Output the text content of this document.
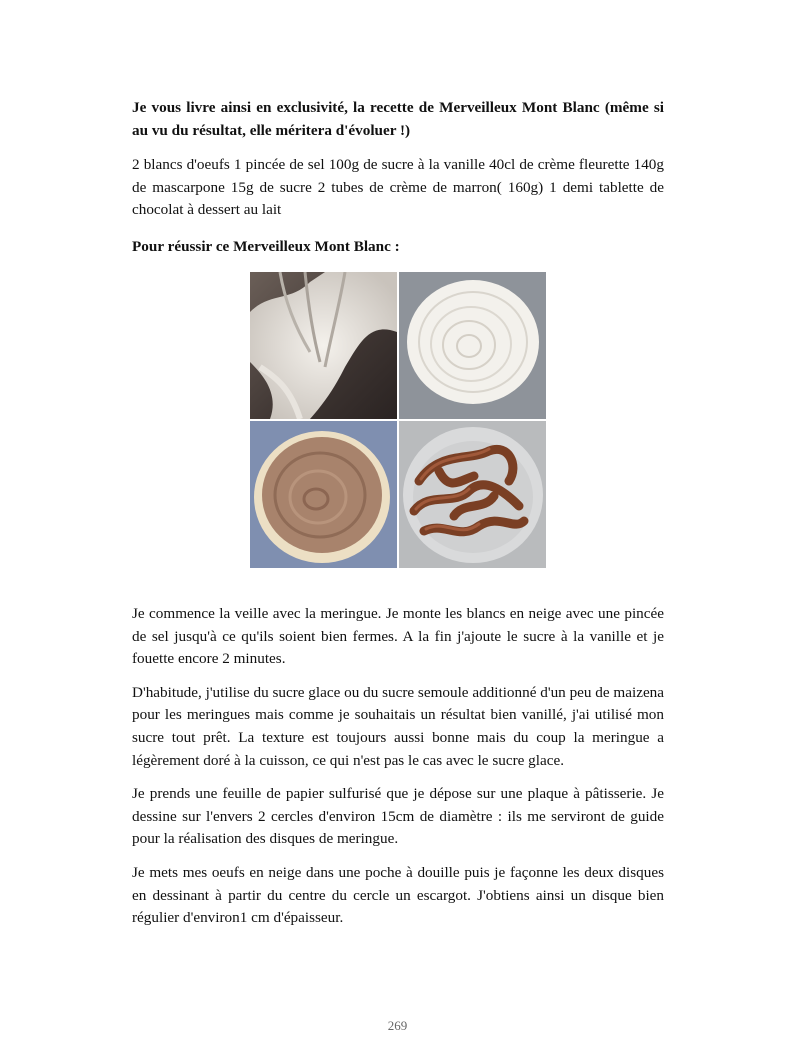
Je vous livre ainsi en exclusivité, la recette de Merveilleux Mont Blanc (même si au vu du résultat, elle méritera d'évoluer !)

2 blancs d'oeufs 1 pincée de sel 100g de sucre à la vanille 40cl de crème fleurette 140g de mascarpone 15g de sucre 2 tubes de crème de marron( 160g) 1 demi tablette de chocolat à dessert au lait

Pour réussir ce Merveilleux Mont Blanc :

Je commence la veille avec la meringue. Je monte les blancs en neige avec une pincée de sel jusqu'à ce qu'ils soient bien fermes. A la fin j'ajoute le sucre à la vanille et je fouette encore 2 minutes.

D'habitude, j'utilise du sucre glace ou du sucre semoule additionné d'un peu de maizena pour les meringues mais comme je souhaitais un résultat bien vanillé, j'ai utilisé mon sucre tout prêt. La texture est toujours aussi bonne mais du coup la meringue a légèrement doré à la cuisson, ce qui n'est pas le cas avec le sucre glace.

Je prends une feuille de papier sulfurisé que je dépose sur une plaque à pâtisserie. Je dessine sur l'envers 2 cercles d'environ 15cm de diamètre : ils me serviront de guide pour la réalisation des disques de meringue.

Je mets mes oeufs en neige dans une poche à douille puis je façonne les deux disques en dessinant à partir du centre du cercle un escargot. J'obtiens ainsi un disque bien régulier d'environ1 cm d'épaisseur.

269
